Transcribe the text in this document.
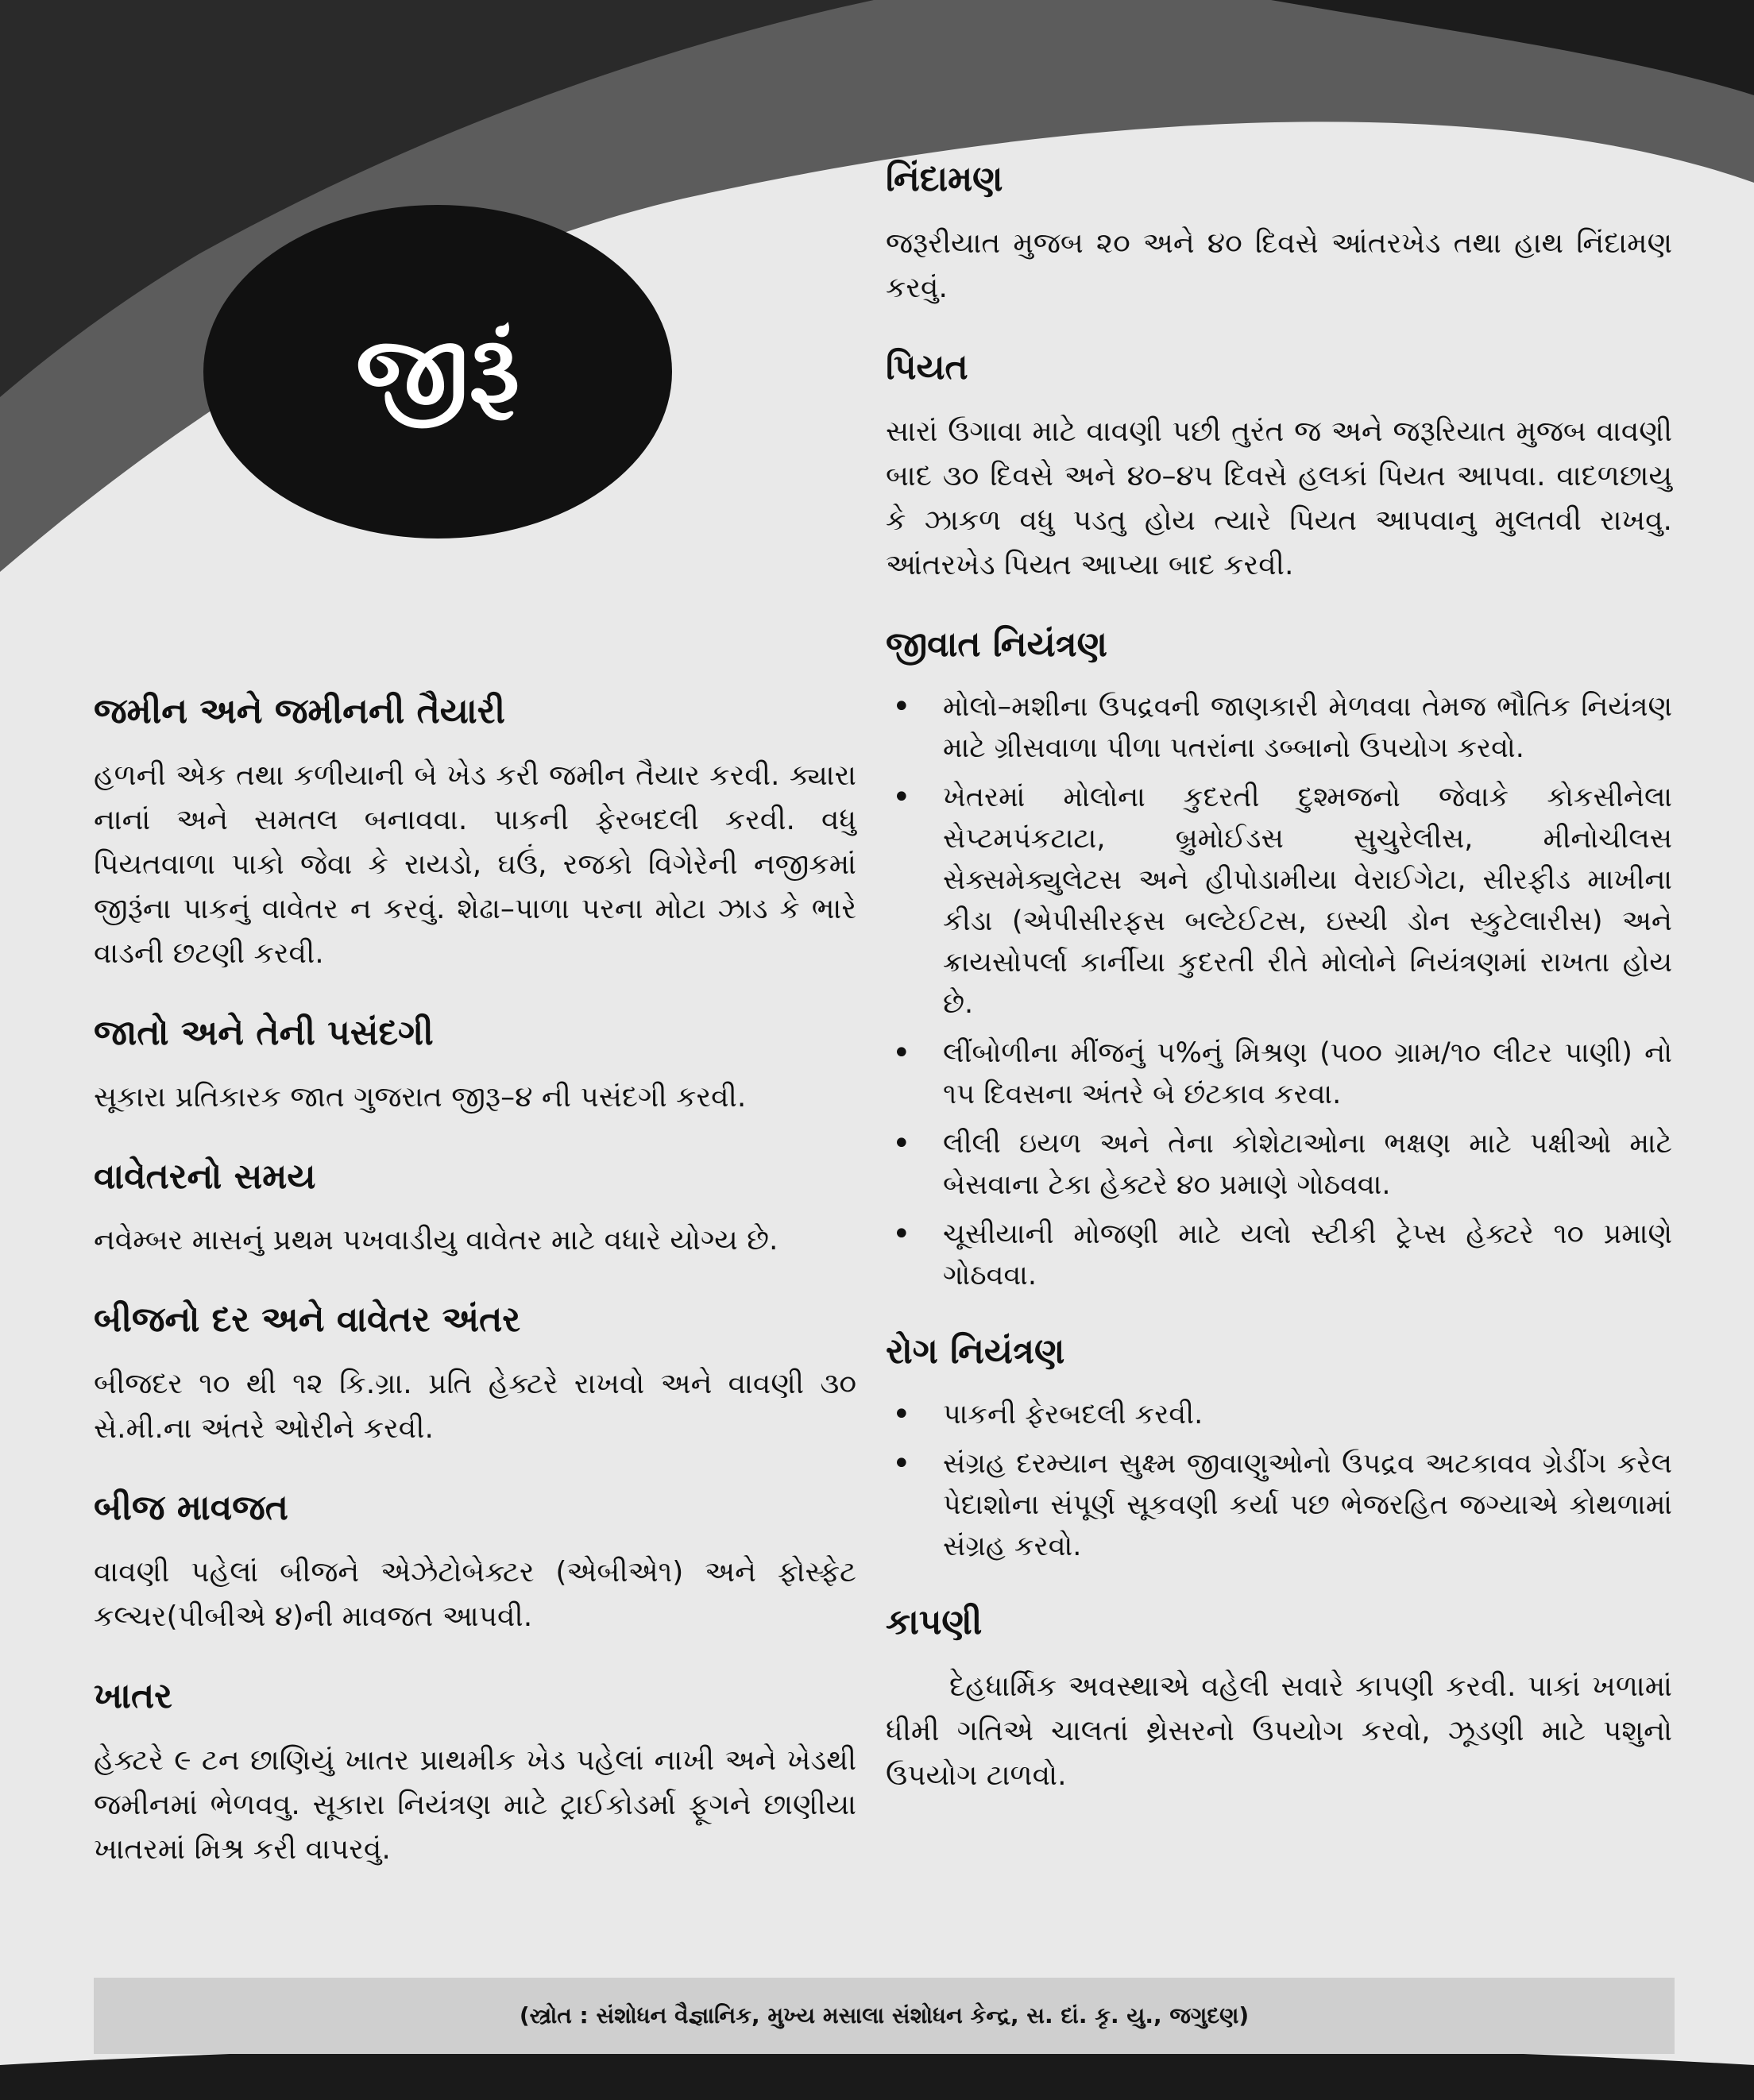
જીરૂં
જમીન અને જમીનની તૈયારી

હળની એક તથા કળીયાની બે ખેડ કરી જમીન તૈયાર કરવી. ક્યારા નાનાં અને સમતલ બનાવવા. પાકની ફેરબદલી કરવી. વધુ પિયતવાળા પાકો જેવા કે રાયડો, ઘઉં, રજકો વિગેરેની નજીકમાં જીરૂંના પાકનું વાવેતર ન કરવું. શેઢા–પાળા પરના મોટા ઝાડ કે ભારે વાડની છટણી કરવી.

જાતો અને તેની પસંદગી

સૂકારા પ્રતિકારક જાત ગુજરાત જીરૂ–૪ ની પસંદગી કરવી.

વાવેતરનો સમય

નવેમ્બર માસનું પ્રથમ પખવાડીયુ વાવેતર માટે વધારે યોગ્ય છે.

બીજનો દર અને વાવેતર અંતર

બીજદર ૧૦ થી ૧૨ કિ.ગ્રા. પ્રતિ હેક્ટરે રાખવો અને વાવણી ૩૦ સે.મી.ના અંતરે ઓરીને કરવી.

બીજ માવજત

વાવણી પહેલાં બીજને એઝેટોબેક્ટર (એબીએ૧) અને ફોસ્ફેટ કલ્ચર(પીબીએ ૪)ની માવજત આપવી.

ખાતર

હેક્ટરે ૯ ટન છાણિયું ખાતર પ્રાથમીક ખેડ પહેલાં નાખી અને ખેડથી જમીનમાં ભેળવવુ. સૂકારા નિયંત્રણ માટે ટ્રાઈકોડર્મા ફૂગને છાણીયા ખાતરમાં મિશ્ર કરી વાપરવું.

નિંદામણ

જરૂરીયાત મુજબ ૨૦ અને ૪૦ દિવસે આંતરખેડ તથા હાથ નિંદામણ કરવું.

પિયત

સારાં ઉગાવા માટે વાવણી પછી તુરંત જ અને જરૂરિયાત મુજબ વાવણી બાદ ૩૦ દિવસે અને ૪૦–૪૫ દિવસે હલકાં પિયત આપવા. વાદળછાયુ કે ઝાકળ વધુ પડતુ હોય ત્યારે પિયત આપવાનુ મુલતવી રાખવુ. આંતરખેડ પિયત આપ્યા બાદ કરવી.

જીવાત નિયંત્રણ
• મોલો–મશીના ઉપદ્રવની જાણકારી મેળવવા તેમજ ભૌતિક નિયંત્રણ માટે ગ્રીસવાળા પીળા પતરાંના ડબ્બાનો ઉપયોગ કરવો.
• ખેતરમાં મોલોના કુદરતી દુશ્મજનો જેવાકે કોકસીનેલા સેપ્ટમપંકટાટા, બ્રુમોઈડસ સુચુરેલીસ, મીનોચીલસ સેક્સમેક્યુલેટસ અને હીપોડામીયા વેરાઈગેટા, સીરફીડ માખીના કીડા (એપીસીરફસ બલ્ટેઈટસ, ઇસ્ચી ડોન સ્કુટેલારીસ) અને ક્રાયસોપર્લા કાર્નીયા કુદરતી રીતે મોલોને નિયંત્રણમાં રાખતા હોય છે.
• લીંબોળીના મીંજનું ૫%નું મિશ્રણ (૫૦૦ ગ્રામ/૧૦ લીટર પાણી) નો ૧૫ દિવસના અંતરે બે છંટકાવ કરવા.
• લીલી ઇયળ અને તેના કોશેટાઓના ભક્ષણ માટે પક્ષીઓ માટે બેસવાના ટેકા હેક્ટરે ૪૦ પ્રમાણે ગોઠવવા.
• ચૂસીયાની મોજણી માટે યલો સ્ટીકી ટ્રેપ્સ હેક્ટરે ૧૦ પ્રમાણે ગોઠવવા.
રોગ નિયંત્રણ
• પાકની ફેરબદલી કરવી.
• સંગ્રહ દરમ્યાન સુક્ષ્મ જીવાણુઓનો ઉપદ્રવ અટકાવવ ગ્રેડીંગ કરેલ પેદાશોના સંપૂર્ણ સૂકવણી કર્યા પછ ભેજરહિત જગ્યાએ કોથળામાં સંગ્રહ કરવો.
કાપણી

દેહધાર્મિક અવસ્થાએ વહેલી સવારે કાપણી કરવી. પાકાં ખળામાં ધીમી ગતિએ ચાલતાં થ્રેસરનો ઉપયોગ કરવો, ઝૂડણી માટે પશુનો ઉપયોગ ટાળવો.

(સ્ત્રોત : સંશોધન વૈજ્ઞાનિક, મુખ્ય મસાલા સંશોધન કેન્દ્ર, સ. દાં. કૃ. યુ., જગુદણ)
